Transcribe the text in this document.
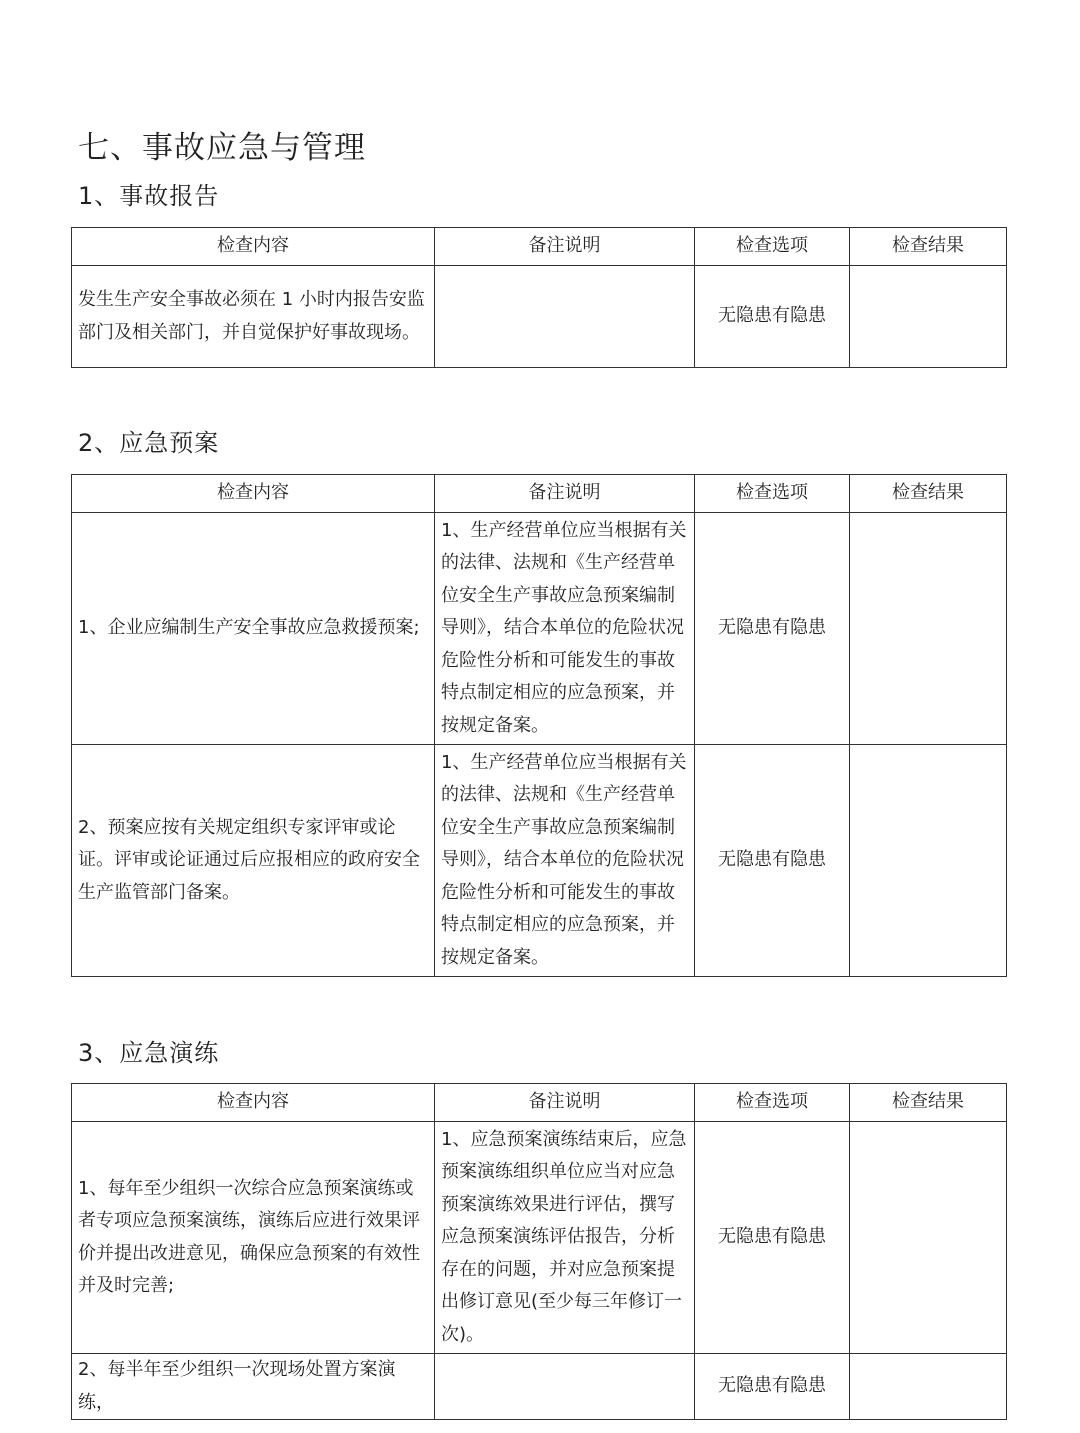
七、事故应急与管理
1、事故报告
检查内容	备注说明	检查选项	检查结果
发生生产安全事故必须在 1 小时内报告安监部门及相关部门，并自觉保护好事故现场。		无隐患有隐患	
2、应急预案
检查内容	备注说明	检查选项	检查结果
1、企业应编制生产安全事故应急救援预案;	1、生产经营单位应当根据有关的法律、法规和《生产经营单位安全生产事故应急预案编制导则》，结合本单位的危险状况危险性分析和可能发生的事故特点制定相应的应急预案，并按规定备案。	无隐患有隐患	
2、预案应按有关规定组织专家评审或论证。评审或论证通过后应报相应的政府安全生产监管部门备案。	1、生产经营单位应当根据有关的法律、法规和《生产经营单位安全生产事故应急预案编制导则》，结合本单位的危险状况危险性分析和可能发生的事故特点制定相应的应急预案，并按规定备案。	无隐患有隐患	
3、应急演练
检查内容	备注说明	检查选项	检查结果
1、每年至少组织一次综合应急预案演练或者专项应急预案演练，演练后应进行效果评价并提出改进意见，确保应急预案的有效性并及时完善;	1、应急预案演练结束后，应急预案演练组织单位应当对应急预案演练效果进行评估，撰写应急预案演练评估报告，分析存在的问题，并对应急预案提出修订意见(至少每三年修订一次)。	无隐患有隐患	
2、每半年至少组织一次现场处置方案演练，		无隐患有隐患	
